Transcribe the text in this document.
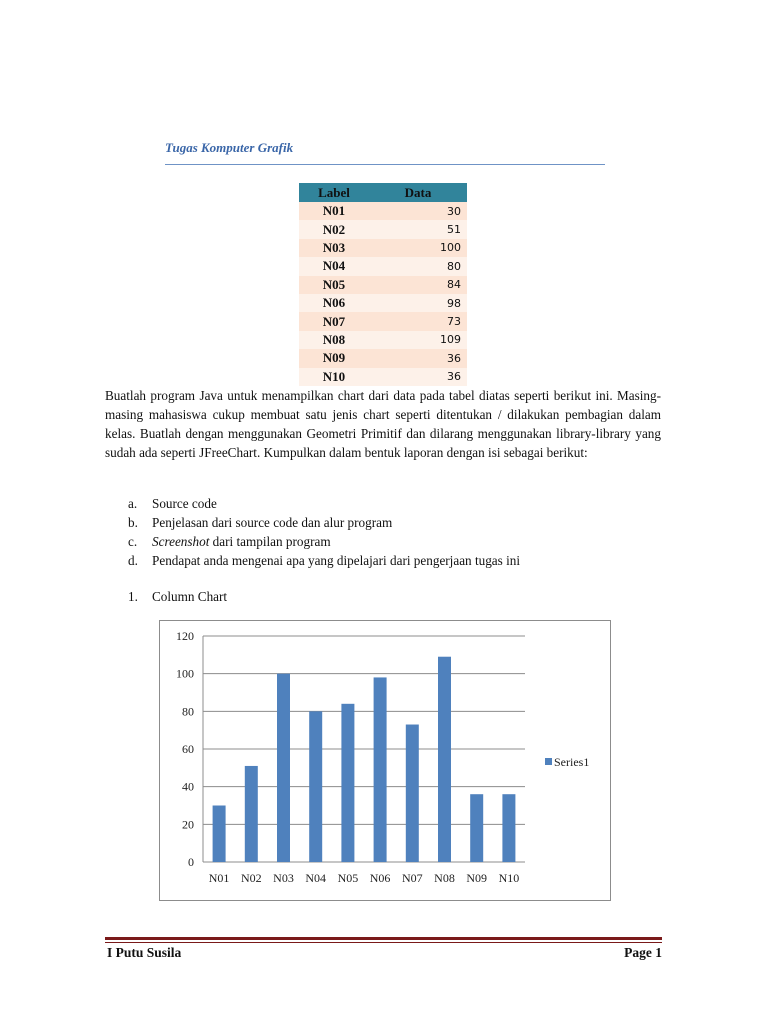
Tugas Komputer Grafik
Label	Data
N01	30
N02	51
N03	100
N04	80
N05	84
N06	98
N07	73
N08	109
N09	36
N10	36
Buatlah program Java untuk menampilkan chart dari data pada tabel diatas seperti berikut ini. Masing-masing mahasiswa cukup membuat satu jenis chart seperti ditentukan / dilakukan pembagian dalam kelas. Buatlah dengan menggunakan Geometri Primitif dan dilarang menggunakan library-library yang sudah ada seperti JFreeChart. Kumpulkan dalam bentuk laporan dengan isi sebagai berikut:
a. Source code
b. Penjelasan dari source code dan alur program
c. Screenshot dari tampilan program
d. Pendapat anda mengenai apa yang dipelajari dari pengerjaan tugas ini
1. Column Chart
0
20
40
60
80
100
120
N01 N02 N03 N04 N05 N06 N07 N08 N09 N10
Series1
I Putu Susila	Page 1
